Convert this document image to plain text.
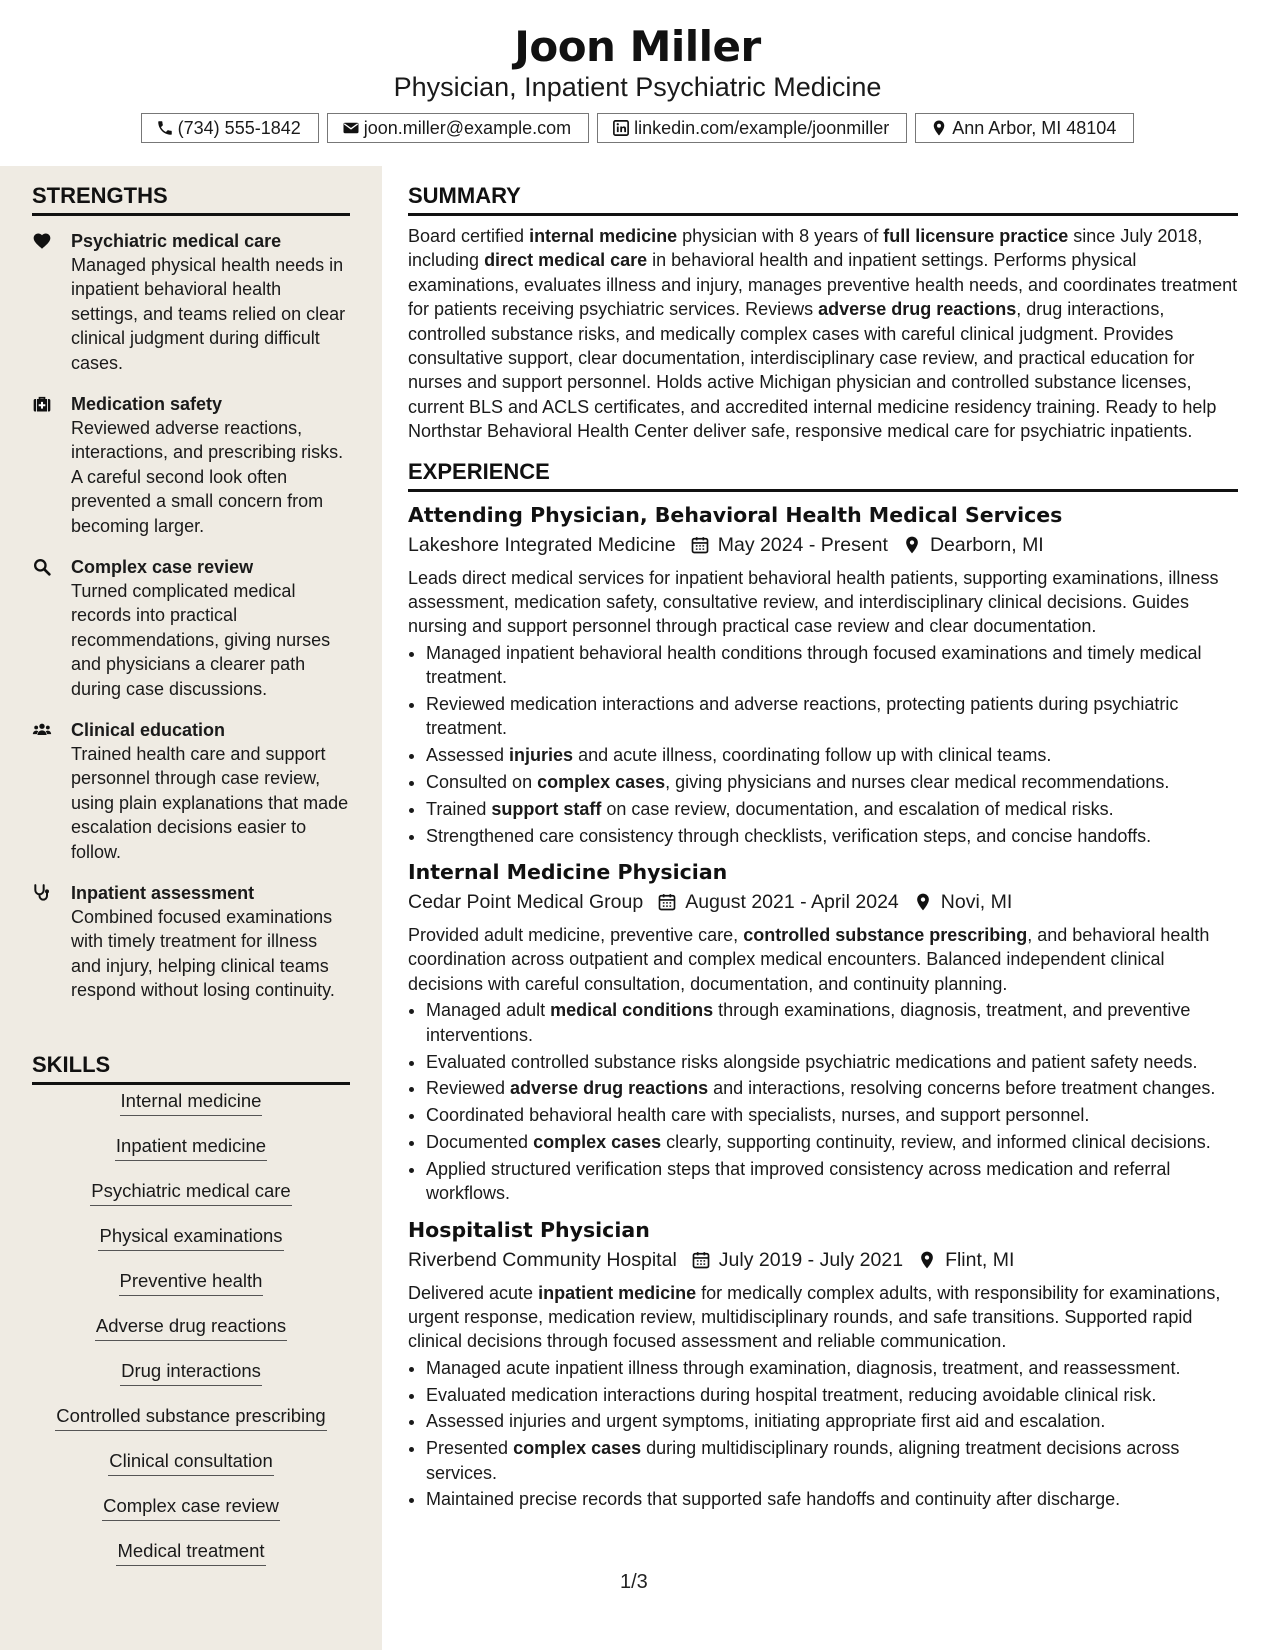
Joon Miller
Physician, Inpatient Psychiatric Medicine
(734) 555-1842	joon.miller@example.com	linkedin.com/example/joonmiller	Ann Arbor, MI 48104
STRENGTHS
Psychiatric medical care
Managed physical health needs in inpatient behavioral health settings, and teams relied on clear clinical judgment during difficult cases.
Medication safety
Reviewed adverse reactions, interactions, and prescribing risks. A careful second look often prevented a small concern from becoming larger.
Complex case review
Turned complicated medical records into practical recommendations, giving nurses and physicians a clearer path during case discussions.
Clinical education
Trained health care and support personnel through case review, using plain explanations that made escalation decisions easier to follow.
Inpatient assessment
Combined focused examinations with timely treatment for illness and injury, helping clinical teams respond without losing continuity.
SKILLS
Internal medicine
Inpatient medicine
Psychiatric medical care
Physical examinations
Preventive health
Adverse drug reactions
Drug interactions
Controlled substance prescribing
Clinical consultation
Complex case review
Medical treatment
SUMMARY
Board certified internal medicine physician with 8 years of full licensure practice since July 2018, including direct medical care in behavioral health and inpatient settings. Performs physical examinations, evaluates illness and injury, manages preventive health needs, and coordinates treatment for patients receiving psychiatric services. Reviews adverse drug reactions, drug interactions, controlled substance risks, and medically complex cases with careful clinical judgment. Provides consultative support, clear documentation, interdisciplinary case review, and practical education for nurses and support personnel. Holds active Michigan physician and controlled substance licenses, current BLS and ACLS certificates, and accredited internal medicine residency training. Ready to help Northstar Behavioral Health Center deliver safe, responsive medical care for psychiatric inpatients.
EXPERIENCE
Attending Physician, Behavioral Health Medical Services
Lakeshore Integrated Medicine May 2024 - Present Dearborn, MI
Leads direct medical services for inpatient behavioral health patients, supporting examinations, illness assessment, medication safety, consultative review, and interdisciplinary clinical decisions. Guides nursing and support personnel through practical case review and clear documentation.
• Managed inpatient behavioral health conditions through focused examinations and timely medical treatment.
• Reviewed medication interactions and adverse reactions, protecting patients during psychiatric treatment.
• Assessed injuries and acute illness, coordinating follow up with clinical teams.
• Consulted on complex cases, giving physicians and nurses clear medical recommendations.
• Trained support staff on case review, documentation, and escalation of medical risks.
• Strengthened care consistency through checklists, verification steps, and concise handoffs.
Internal Medicine Physician
Cedar Point Medical Group August 2021 - April 2024 Novi, MI
Provided adult medicine, preventive care, controlled substance prescribing, and behavioral health coordination across outpatient and complex medical encounters. Balanced independent clinical decisions with careful consultation, documentation, and continuity planning.
• Managed adult medical conditions through examinations, diagnosis, treatment, and preventive interventions.
• Evaluated controlled substance risks alongside psychiatric medications and patient safety needs.
• Reviewed adverse drug reactions and interactions, resolving concerns before treatment changes.
• Coordinated behavioral health care with specialists, nurses, and support personnel.
• Documented complex cases clearly, supporting continuity, review, and informed clinical decisions.
• Applied structured verification steps that improved consistency across medication and referral workflows.
Hospitalist Physician
Riverbend Community Hospital July 2019 - July 2021 Flint, MI
Delivered acute inpatient medicine for medically complex adults, with responsibility for examinations, urgent response, medication review, multidisciplinary rounds, and safe transitions. Supported rapid clinical decisions through focused assessment and reliable communication.
• Managed acute inpatient illness through examination, diagnosis, treatment, and reassessment.
• Evaluated medication interactions during hospital treatment, reducing avoidable clinical risk.
• Assessed injuries and urgent symptoms, initiating appropriate first aid and escalation.
• Presented complex cases during multidisciplinary rounds, aligning treatment decisions across services.
• Maintained precise records that supported safe handoffs and continuity after discharge.
1/3
